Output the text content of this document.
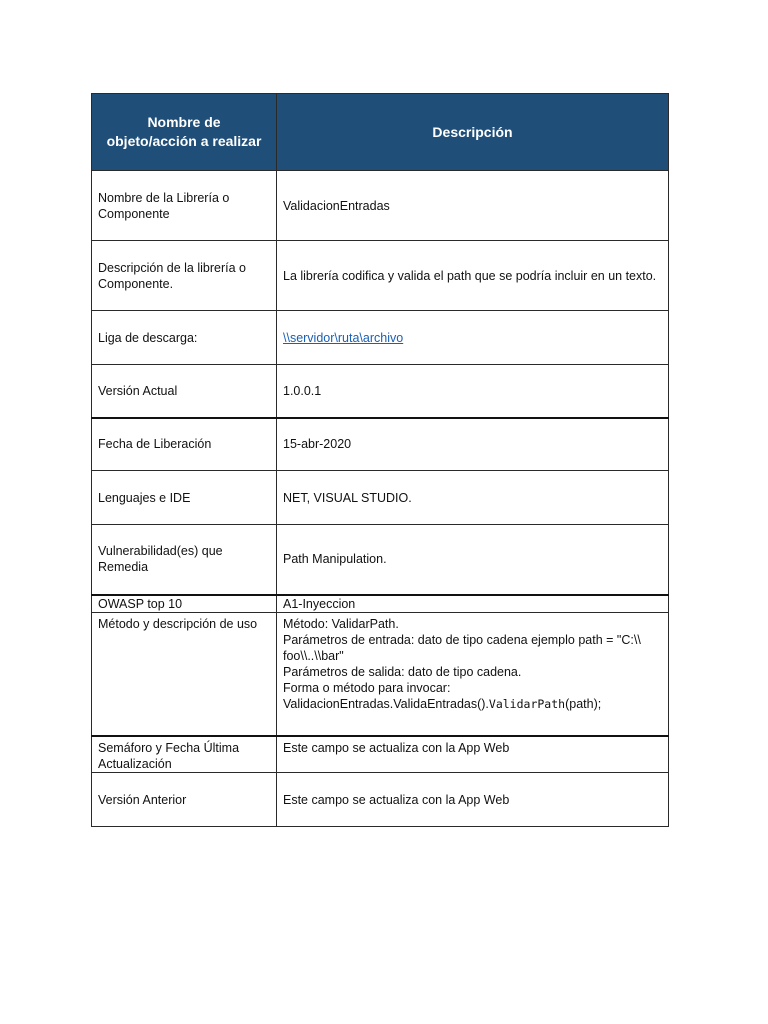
Nombre de objeto/acción a realizar	Descripción
Nombre de la Librería o Componente	ValidacionEntradas
Descripción de la librería o Componente.	La librería codifica y valida el path que se podría incluir en un texto.
Liga de descarga:	\\servidor\ruta\archivo
Versión Actual	1.0.0.1
Fecha de Liberación	15-abr-2020
Lenguajes e IDE	NET, VISUAL STUDIO.
Vulnerabilidad(es) que Remedia	Path Manipulation.
OWASP top 10	A1-Inyeccion
Método y descripción de uso	Método: ValidarPath.
Parámetros de entrada: dato de tipo cadena ejemplo path = "C:\\ foo\\..\\bar"
Parámetros de salida: dato de tipo cadena.
Forma o método para invocar:
ValidacionEntradas.ValidaEntradas().ValidarPath(path);

Semáforo y Fecha Última Actualización	Este campo se actualiza con la App Web
Versión Anterior	Este campo se actualiza con la App Web
